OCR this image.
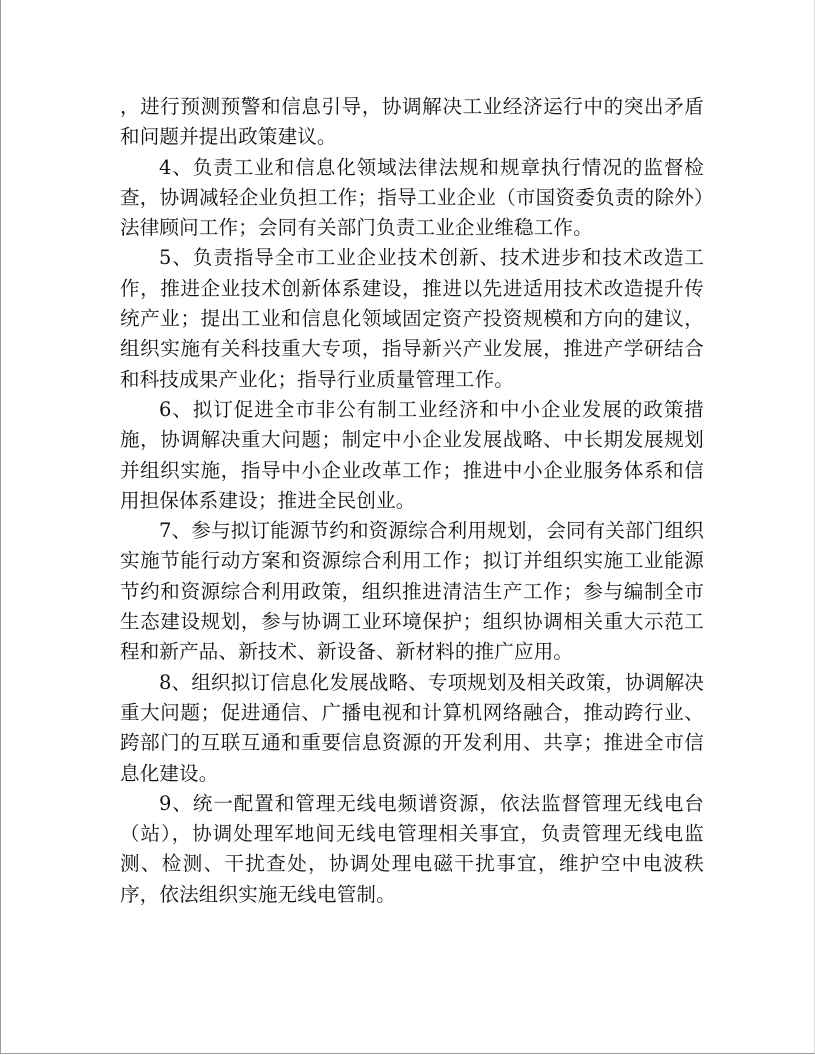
，进行预测预警和信息引导，协调解决工业经济运行中的突出矛盾和问题并提出政策建议。

4、负责工业和信息化领域法律法规和规章执行情况的监督检查，协调减轻企业负担工作；指导工业企业（市国资委负责的除外）法律顾问工作；会同有关部门负责工业企业维稳工作。

5、负责指导全市工业企业技术创新、技术进步和技术改造工作，推进企业技术创新体系建设，推进以先进适用技术改造提升传统产业；提出工业和信息化领域固定资产投资规模和方向的建议，组织实施有关科技重大专项，指导新兴产业发展，推进产学研结合和科技成果产业化；指导行业质量管理工作。

6、拟订促进全市非公有制工业经济和中小企业发展的政策措施，协调解决重大问题；制定中小企业发展战略、中长期发展规划并组织实施，指导中小企业改革工作；推进中小企业服务体系和信用担保体系建设；推进全民创业。

7、参与拟订能源节约和资源综合利用规划，会同有关部门组织实施节能行动方案和资源综合利用工作；拟订并组织实施工业能源节约和资源综合利用政策，组织推进清洁生产工作；参与编制全市生态建设规划，参与协调工业环境保护；组织协调相关重大示范工程和新产品、新技术、新设备、新材料的推广应用。

8、组织拟订信息化发展战略、专项规划及相关政策，协调解决重大问题；促进通信、广播电视和计算机网络融合，推动跨行业、跨部门的互联互通和重要信息资源的开发利用、共享；推进全市信息化建设。

9、统一配置和管理无线电频谱资源，依法监督管理无线电台（站），协调处理军地间无线电管理相关事宜，负责管理无线电监测、检测、干扰查处，协调处理电磁干扰事宜，维护空中电波秩序，依法组织实施无线电管制。
